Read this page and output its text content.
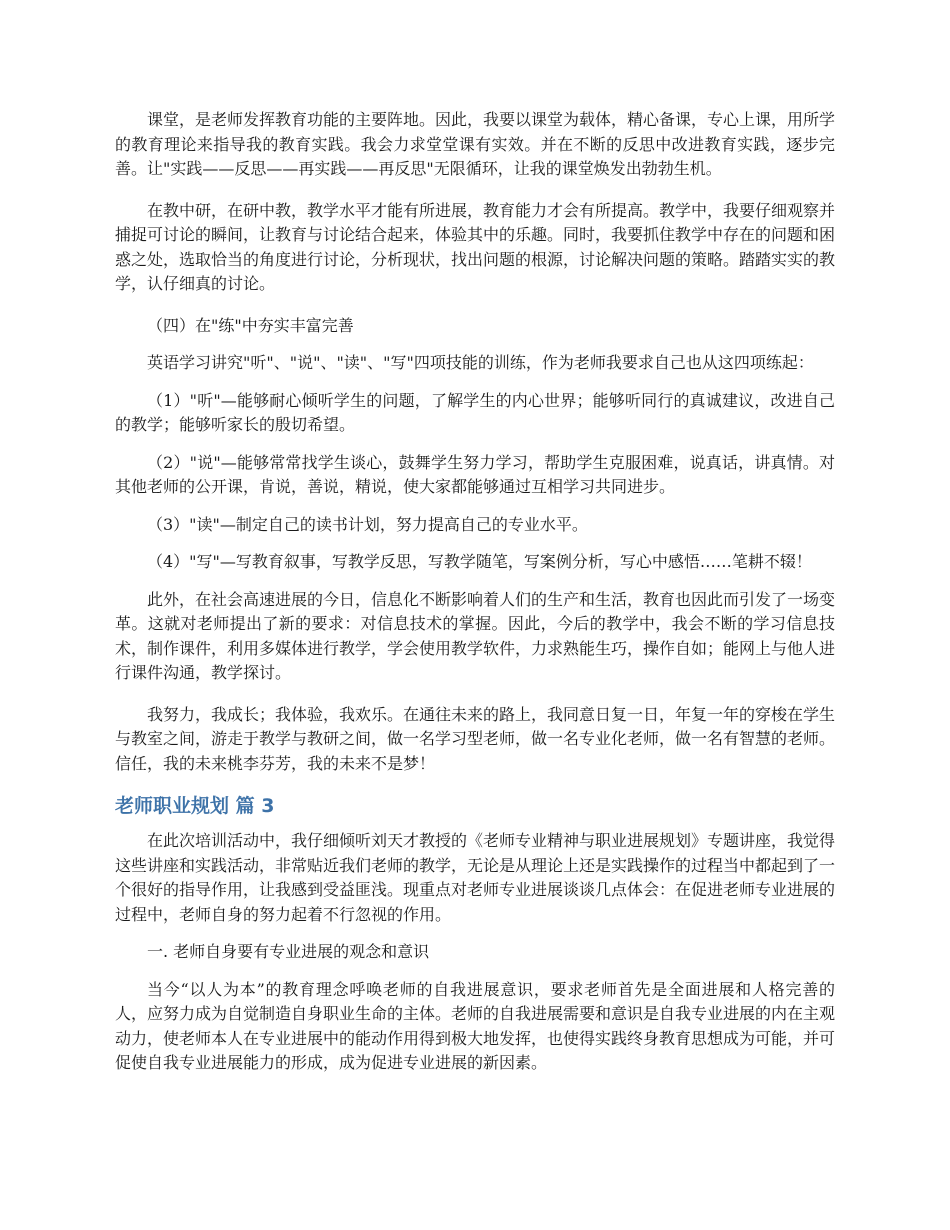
课堂，是老师发挥教育功能的主要阵地。因此，我要以课堂为载体，精心备课，专心上课，用所学的教育理论来指导我的教育实践。我会力求堂堂课有实效。并在不断的反思中改进教育实践，逐步完善。让"实践——反思——再实践——再反思"无限循环，让我的课堂焕发出勃勃生机。

在教中研，在研中教，教学水平才能有所进展，教育能力才会有所提高。教学中，我要仔细观察并捕捉可讨论的瞬间，让教育与讨论结合起来，体验其中的乐趣。同时，我要抓住教学中存在的问题和困惑之处，选取恰当的角度进行讨论，分析现状，找出问题的根源，讨论解决问题的策略。踏踏实实的教学，认仔细真的讨论。

（四）在"练"中夯实丰富完善

英语学习讲究"听"、"说"、"读"、"写"四项技能的训练，作为老师我要求自己也从这四项练起：

（1）"听"—能够耐心倾听学生的问题，了解学生的内心世界；能够听同行的真诚建议，改进自己的教学；能够听家长的殷切希望。

（2）"说"—能够常常找学生谈心，鼓舞学生努力学习，帮助学生克服困难，说真话，讲真情。对其他老师的公开课，肯说，善说，精说，使大家都能够通过互相学习共同进步。

（3）"读"—制定自己的读书计划，努力提高自己的专业水平。

（4）"写"—写教育叙事，写教学反思，写教学随笔，写案例分析，写心中感悟……笔耕不辍！

此外，在社会高速进展的今日，信息化不断影响着人们的生产和生活，教育也因此而引发了一场变革。这就对老师提出了新的要求：对信息技术的掌握。因此，今后的教学中，我会不断的学习信息技术，制作课件，利用多媒体进行教学，学会使用教学软件，力求熟能生巧，操作自如；能网上与他人进行课件沟通，教学探讨。

我努力，我成长；我体验，我欢乐。在通往未来的路上，我同意日复一日，年复一年的穿梭在学生与教室之间，游走于教学与教研之间，做一名学习型老师，做一名专业化老师，做一名有智慧的老师。信任，我的未来桃李芬芳，我的未来不是梦！

老师职业规划 篇 3

在此次培训活动中，我仔细倾听刘天才教授的《老师专业精神与职业进展规划》专题讲座，我觉得这些讲座和实践活动，非常贴近我们老师的教学，无论是从理论上还是实践操作的过程当中都起到了一个很好的指导作用，让我感到受益匪浅。现重点对老师专业进展谈谈几点体会：在促进老师专业进展的过程中，老师自身的努力起着不行忽视的作用。

一. 老师自身要有专业进展的观念和意识

当今“以人为本”的教育理念呼唤老师的自我进展意识，要求老师首先是全面进展和人格完善的人，应努力成为自觉制造自身职业生命的主体。老师的自我进展需要和意识是自我专业进展的内在主观动力，使老师本人在专业进展中的能动作用得到极大地发挥，也使得实践终身教育思想成为可能，并可促使自我专业进展能力的形成，成为促进专业进展的新因素。
